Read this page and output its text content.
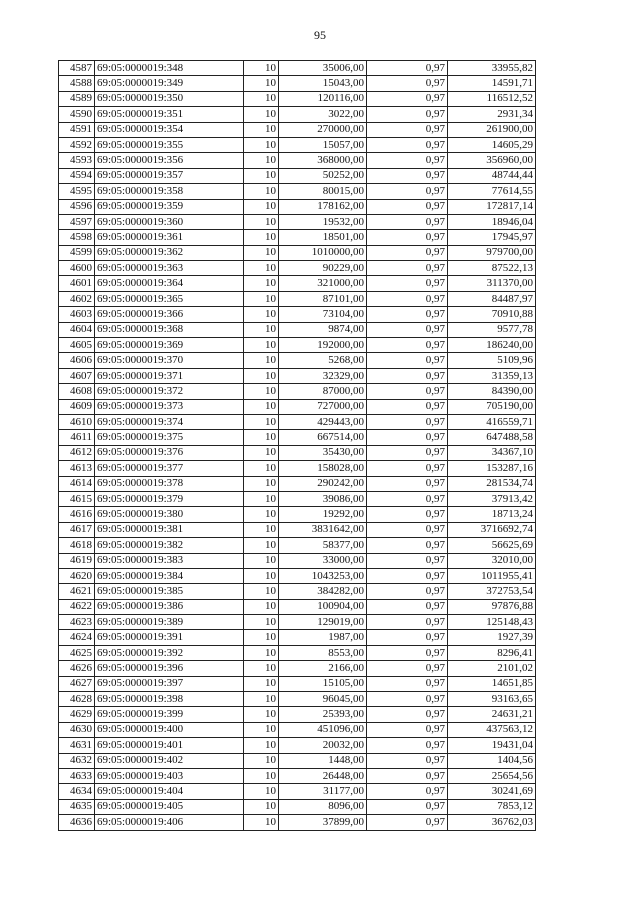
95
4587	69:05:0000019:348	10	35006,00	0,97	33955,82
4588	69:05:0000019:349	10	15043,00	0,97	14591,71
4589	69:05:0000019:350	10	120116,00	0,97	116512,52
4590	69:05:0000019:351	10	3022,00	0,97	2931,34
4591	69:05:0000019:354	10	270000,00	0,97	261900,00
4592	69:05:0000019:355	10	15057,00	0,97	14605,29
4593	69:05:0000019:356	10	368000,00	0,97	356960,00
4594	69:05:0000019:357	10	50252,00	0,97	48744,44
4595	69:05:0000019:358	10	80015,00	0,97	77614,55
4596	69:05:0000019:359	10	178162,00	0,97	172817,14
4597	69:05:0000019:360	10	19532,00	0,97	18946,04
4598	69:05:0000019:361	10	18501,00	0,97	17945,97
4599	69:05:0000019:362	10	1010000,00	0,97	979700,00
4600	69:05:0000019:363	10	90229,00	0,97	87522,13
4601	69:05:0000019:364	10	321000,00	0,97	311370,00
4602	69:05:0000019:365	10	87101,00	0,97	84487,97
4603	69:05:0000019:366	10	73104,00	0,97	70910,88
4604	69:05:0000019:368	10	9874,00	0,97	9577,78
4605	69:05:0000019:369	10	192000,00	0,97	186240,00
4606	69:05:0000019:370	10	5268,00	0,97	5109,96
4607	69:05:0000019:371	10	32329,00	0,97	31359,13
4608	69:05:0000019:372	10	87000,00	0,97	84390,00
4609	69:05:0000019:373	10	727000,00	0,97	705190,00
4610	69:05:0000019:374	10	429443,00	0,97	416559,71
4611	69:05:0000019:375	10	667514,00	0,97	647488,58
4612	69:05:0000019:376	10	35430,00	0,97	34367,10
4613	69:05:0000019:377	10	158028,00	0,97	153287,16
4614	69:05:0000019:378	10	290242,00	0,97	281534,74
4615	69:05:0000019:379	10	39086,00	0,97	37913,42
4616	69:05:0000019:380	10	19292,00	0,97	18713,24
4617	69:05:0000019:381	10	3831642,00	0,97	3716692,74
4618	69:05:0000019:382	10	58377,00	0,97	56625,69
4619	69:05:0000019:383	10	33000,00	0,97	32010,00
4620	69:05:0000019:384	10	1043253,00	0,97	1011955,41
4621	69:05:0000019:385	10	384282,00	0,97	372753,54
4622	69:05:0000019:386	10	100904,00	0,97	97876,88
4623	69:05:0000019:389	10	129019,00	0,97	125148,43
4624	69:05:0000019:391	10	1987,00	0,97	1927,39
4625	69:05:0000019:392	10	8553,00	0,97	8296,41
4626	69:05:0000019:396	10	2166,00	0,97	2101,02
4627	69:05:0000019:397	10	15105,00	0,97	14651,85
4628	69:05:0000019:398	10	96045,00	0,97	93163,65
4629	69:05:0000019:399	10	25393,00	0,97	24631,21
4630	69:05:0000019:400	10	451096,00	0,97	437563,12
4631	69:05:0000019:401	10	20032,00	0,97	19431,04
4632	69:05:0000019:402	10	1448,00	0,97	1404,56
4633	69:05:0000019:403	10	26448,00	0,97	25654,56
4634	69:05:0000019:404	10	31177,00	0,97	30241,69
4635	69:05:0000019:405	10	8096,00	0,97	7853,12
4636	69:05:0000019:406	10	37899,00	0,97	36762,03
